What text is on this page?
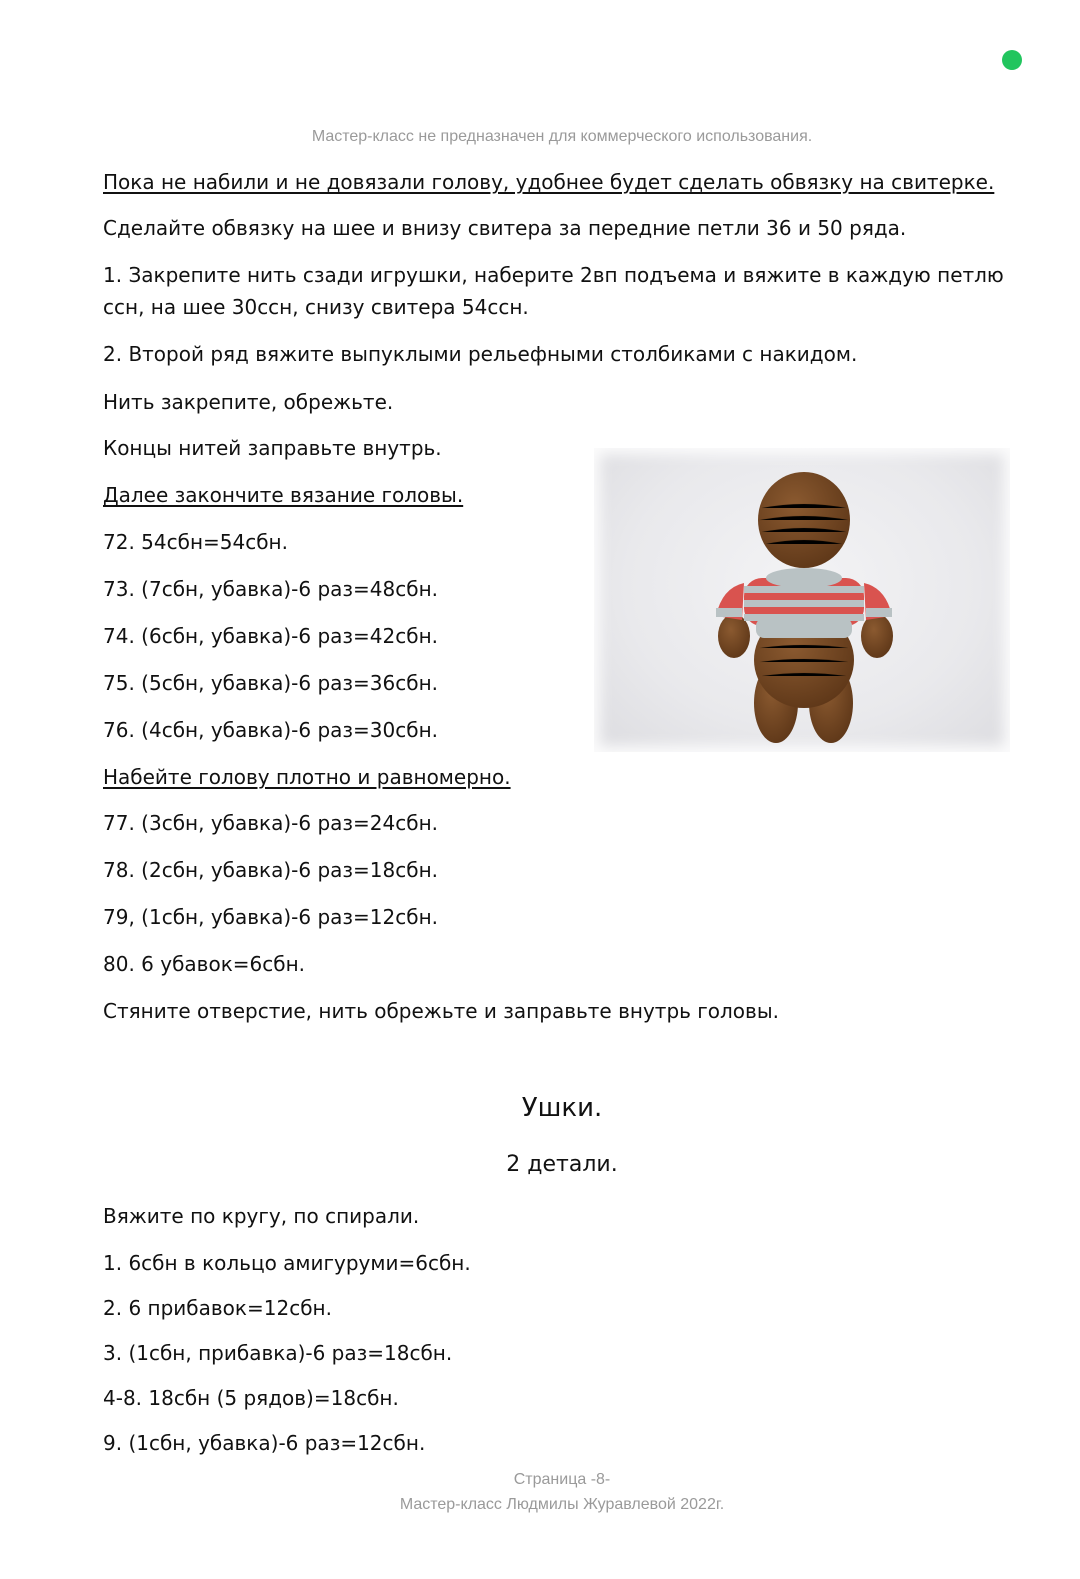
Мастер-класс не предназначен для коммерческого использования.
Пока не набили и не довязали голову, удобнее будет сделать обвязку на свитерке.
Сделайте обвязку на шее и внизу свитера за передние петли 36 и 50 ряда.
1. Закрепите нить сзади игрушки, наберите 2вп подъема и вяжите в каждую петлю ссн, на шее 30ссн, снизу свитера 54ссн.
2. Второй ряд вяжите выпуклыми рельефными столбиками с накидом.
Нить закрепите, обрежьте.
Концы нитей заправьте внутрь.
Далее закончите вязание головы.
72. 54сбн=54сбн.
73. (7сбн, убавка)-6 раз=48сбн.
74. (6сбн, убавка)-6 раз=42сбн.
75. (5сбн, убавка)-6 раз=36сбн.
76. (4сбн, убавка)-6 раз=30сбн.
Набейте голову плотно и равномерно.
77. (3сбн, убавка)-6 раз=24сбн.
78. (2сбн, убавка)-6 раз=18сбн.
79, (1сбн, убавка)-6 раз=12сбн.
80. 6 убавок=6сбн.
Стяните отверстие, нить обрежьте и заправьте внутрь головы.
Ушки.
2 детали.
Вяжите по кругу, по спирали.
1. 6сбн в кольцо амигуруми=6сбн.
2. 6 прибавок=12сбн.
3. (1сбн, прибавка)-6 раз=18сбн.
4-8. 18сбн (5 рядов)=18сбн.
9. (1сбн, убавка)-6 раз=12сбн.
Страница -8-
Мастер-класс Людмилы Журавлевой 2022г.
